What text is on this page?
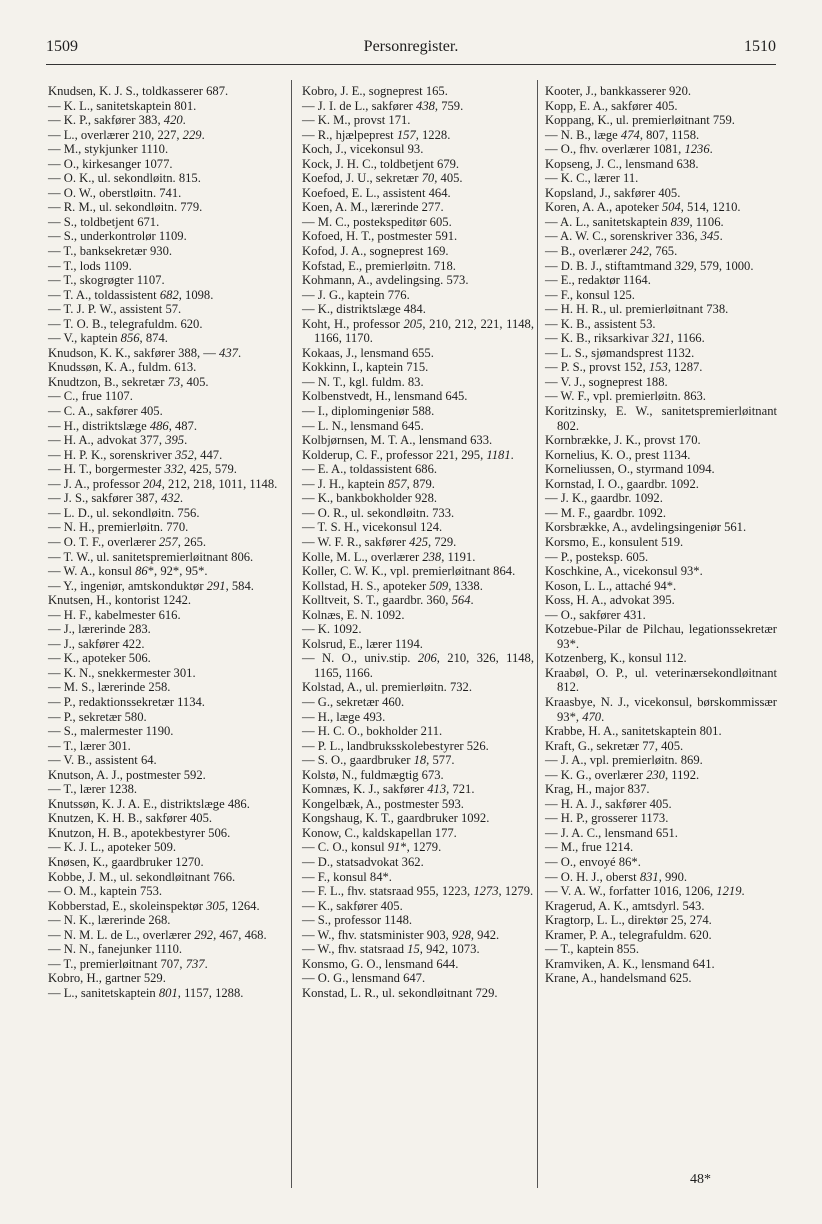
1509	Personregister.	1510
Knudsen, K. J. S., toldkasserer 687.
— K. L., sanitetskaptein 801.
— K. P., sakfører 383, 420.
— L., overlærer 210, 227, 229.
— M., stykjunker 1110.
— O., kirkesanger 1077.
— O. K., ul. sekondløitn. 815.
— O. W., oberstløitn. 741.
— R. M., ul. sekondløitn. 779.
— S., toldbetjent 671.
— S., underkontrolør 1109.
— T., banksekretær 930.
— T., lods 1109.
— T., skogrøgter 1107.
— T. A., toldassistent 682, 1098.
— T. J. P. W., assistent 57.
— T. O. B., telegrafuldm. 620.
— V., kaptein 856, 874.
Knudson, K. K., sakfører 388, — 437.
Knudssøn, K. A., fuldm. 613.
Knudtzon, B., sekretær 73, 405.
— C., frue 1107.
— C. A., sakfører 405.
— H., distriktslæge 486, 487.
— H. A., advokat 377, 395.
— H. P. K., sorenskriver 352, 447.
— H. T., borgermester 332, 425, 579.
— J. A., professor 204, 212, 218, 1011, 1148.
— J. S., sakfører 387, 432.
— L. D., ul. sekondløitn. 756.
— N. H., premierløitn. 770.
— O. T. F., overlærer 257, 265.
— T. W., ul. sanitetspremierløitnant 806.
— W. A., konsul 86*, 92*, 95*.
— Y., ingeniør, amtskonduktør 291, 584.
Knutsen, H., kontorist 1242.
— H. F., kabelmester 616.
— J., lærerinde 283.
— J., sakfører 422.
— K., apoteker 506.
— K. N., snekkermester 301.
— M. S., lærerinde 258.
— P., redaktionssekretær 1134.
— P., sekretær 580.
— S., malermester 1190.
— T., lærer 301.
— V. B., assistent 64.
Knutson, A. J., postmester 592.
— T., lærer 1238.
Knutssøn, K. J. A. E., distriktslæge 486.
Knutzen, K. H. B., sakfører 405.
Knutzon, H. B., apotekbestyrer 506.
— K. J. L., apoteker 509.
Knøsen, K., gaardbruker 1270.
Kobbe, J. M., ul. sekondløitnant 766.
— O. M., kaptein 753.
Kobberstad, E., skoleinspektør 305, 1264.
— N. K., lærerinde 268.
— N. M. L. de L., overlærer 292, 467, 468.
— N. N., fanejunker 1110.
— T., premierløitnant 707, 737.
Kobro, H., gartner 529.
— L., sanitetskaptein 801, 1157, 1288.
Kobro, J. E., sogneprest 165.
— J. I. de L., sakfører 438, 759.
— K. M., provst 171.
— R., hjælpeprest 157, 1228.
Koch, J., vicekonsul 93.
Kock, J. H. C., toldbetjent 679.
Koefod, J. U., sekretær 70, 405.
Koefoed, E. L., assistent 464.
Koen, A. M., lærerinde 277.
— M. C., postekspeditør 605.
Kofoed, H. T., postmester 591.
Kofod, J. A., sogneprest 169.
Kofstad, E., premierløitn. 718.
Kohmann, A., avdelingsing. 573.
— J. G., kaptein 776.
— K., distriktslæge 484.
Koht, H., professor 205, 210, 212, 221, 1148, 1166, 1170.
Kokaas, J., lensmand 655.
Kokkinn, I., kaptein 715.
— N. T., kgl. fuldm. 83.
Kolbenstvedt, H., lensmand 645.
— I., diplomingeniør 588.
— L. N., lensmand 645.
Kolbjørnsen, M. T. A., lensmand 633.
Kolderup, C. F., professor 221, 295, 1181.
— E. A., toldassistent 686.
— J. H., kaptein 857, 879.
— K., bankbokholder 928.
— O. R., ul. sekondløitn. 733.
— T. S. H., vicekonsul 124.
— W. F. R., sakfører 425, 729.
Kolle, M. L., overlærer 238, 1191.
Koller, C. W. K., vpl. premierløitnant 864.
Kollstad, H. S., apoteker 509, 1338.
Kolltveit, S. T., gaardbr. 360, 564.
Kolnæs, E. N. 1092.
— K. 1092.
Kolsrud, E., lærer 1194.
— N. O., univ.stip. 206, 210, 326, 1148, 1165, 1166.
Kolstad, A., ul. premierløitn. 732.
— G., sekretær 460.
— H., læge 493.
— H. C. O., bokholder 211.
— P. L., landbruksskolebestyrer 526.
— S. O., gaardbruker 18, 577.
Kolstø, N., fuldmægtig 673.
Komnæs, K. J., sakfører 413, 721.
Kongelbæk, A., postmester 593.
Kongshaug, K. T., gaardbruker 1092.
Konow, C., kaldskapellan 177.
— C. O., konsul 91*, 1279.
— D., statsadvokat 362.
— F., konsul 84*.
— F. L., fhv. statsraad 955, 1223, 1273, 1279.
— K., sakfører 405.
— S., professor 1148.
— W., fhv. statsminister 903, 928, 942.
— W., fhv. statsraad 15, 942, 1073.
Konsmo, G. O., lensmand 644.
— O. G., lensmand 647.
Konstad, L. R., ul. sekondløitnant 729.
Kooter, J., bankkasserer 920.
Kopp, E. A., sakfører 405.
Koppang, K., ul. premierløitnant 759.
— N. B., læge 474, 807, 1158.
— O., fhv. overlærer 1081, 1236.
Kopseng, J. C., lensmand 638.
— K. C., lærer 11.
Kopsland, J., sakfører 405.
Koren, A. A., apoteker 504, 514, 1210.
— A. L., sanitetskaptein 839, 1106.
— A. W. C., sorenskriver 336, 345.
— B., overlærer 242, 765.
— D. B. J., stiftamtmand 329, 579, 1000.
— E., redaktør 1164.
— F., konsul 125.
— H. H. R., ul. premierløitnant 738.
— K. B., assistent 53.
— K. B., riksarkivar 321, 1166.
— L. S., sjømandsprest 1132.
— P. S., provst 152, 153, 1287.
— V. J., sogneprest 188.
— W. F., vpl. premierløitn. 863.
Koritzinsky, E. W., sanitetspremierløitnant 802.
Kornbrække, J. K., provst 170.
Kornelius, K. O., prest 1134.
Korneliussen, O., styrmand 1094.
Kornstad, I. O., gaardbr. 1092.
— J. K., gaardbr. 1092.
— M. F., gaardbr. 1092.
Korsbrække, A., avdelingsingeniør 561.
Korsmo, E., konsulent 519.
— P., posteksp. 605.
Koschkine, A., vicekonsul 93*.
Koson, L. L., attaché 94*.
Koss, H. A., advokat 395.
— O., sakfører 431.
Kotzebue-Pilar de Pilchau, legationssekretær 93*.
Kotzenberg, K., konsul 112.
Kraabøl, O. P., ul. veterinærsekondløitnant 812.
Kraasbye, N. J., vicekonsul, børskommissær 93*, 470.
Krabbe, H. A., sanitetskaptein 801.
Kraft, G., sekretær 77, 405.
— J. A., vpl. premierløitn. 869.
— K. G., overlærer 230, 1192.
Krag, H., major 837.
— H. A. J., sakfører 405.
— H. P., grosserer 1173.
— J. A. C., lensmand 651.
— M., frue 1214.
— O., envoyé 86*.
— O. H. J., oberst 831, 990.
— V. A. W., forfatter 1016, 1206, 1219.
Kragerud, A. K., amtsdyrl. 543.
Kragtorp, L. L., direktør 25, 274.
Kramer, P. A., telegrafuldm. 620.
— T., kaptein 855.
Kramviken, A. K., lensmand 641.
Krane, A., handelsmand 625.
48*
